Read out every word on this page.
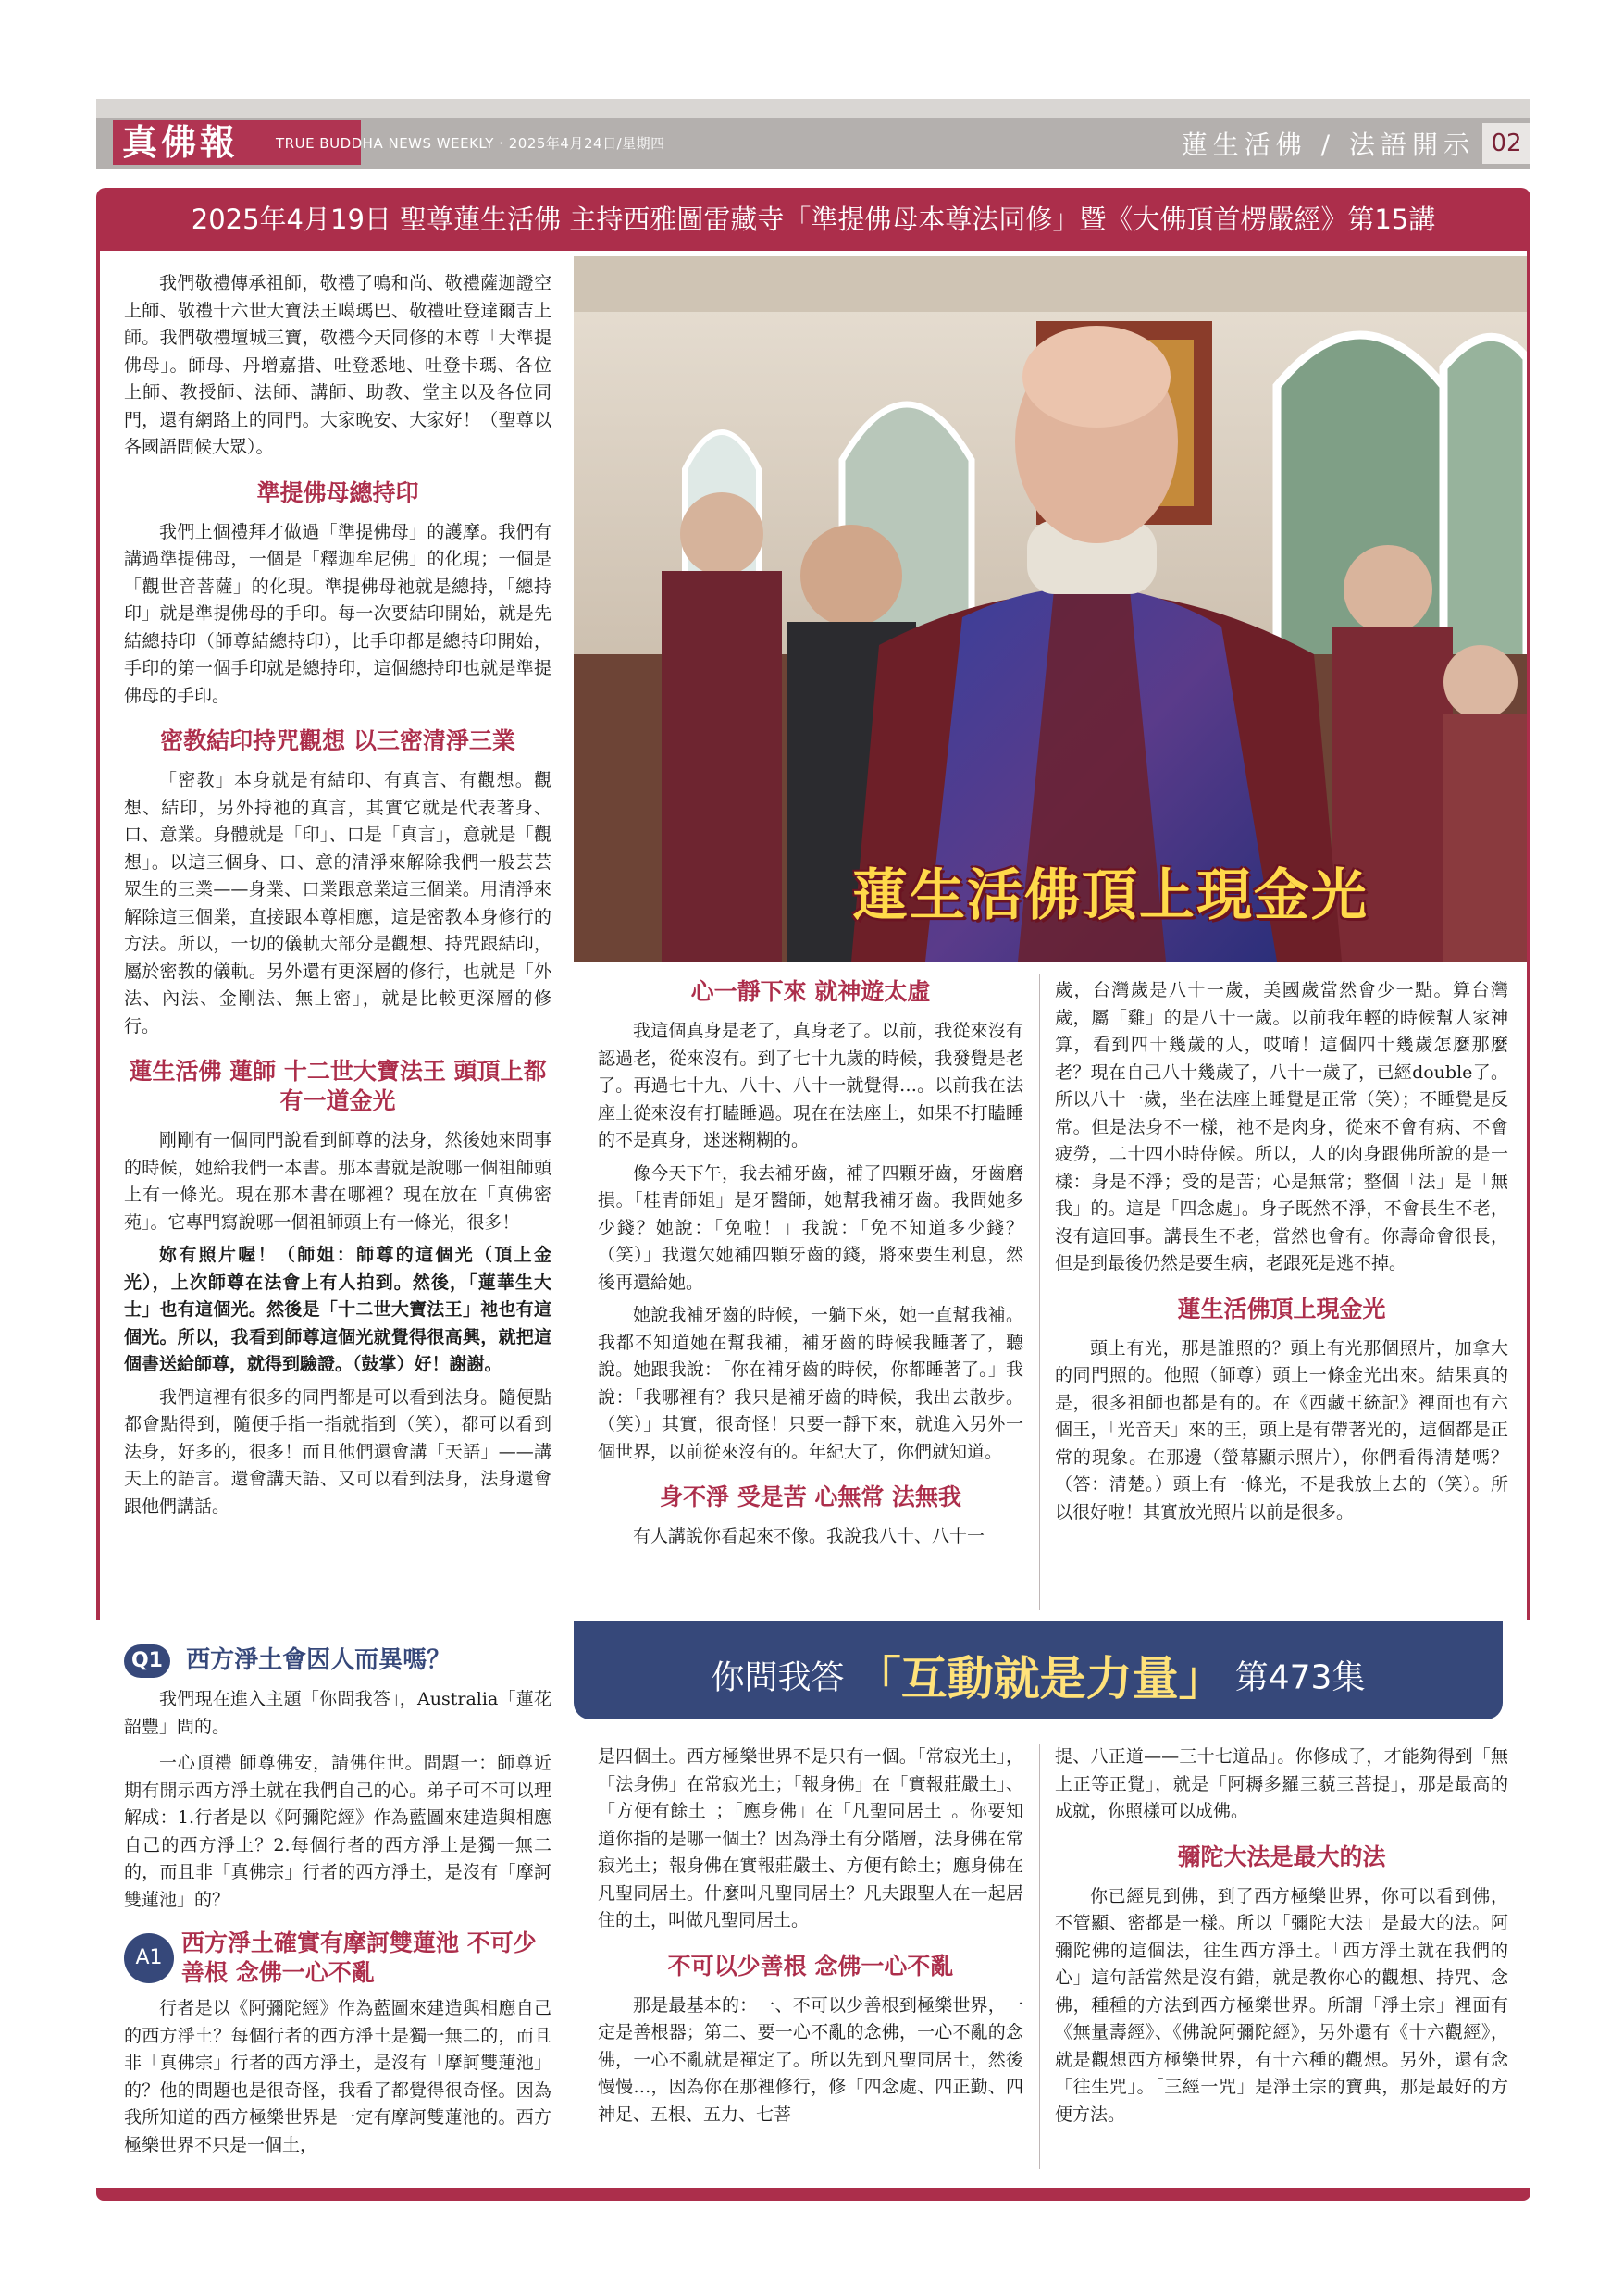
真佛報	TRUE BUDDHA NEWS WEEKLY · 2025年4月24日/星期四	蓮生活佛 / 法語開示 02
2025年4月19日 聖尊蓮生活佛 主持西雅圖雷藏寺「準提佛母本尊法同修」暨《大佛頂首楞嚴經》第15講

我們敬禮傳承祖師，敬禮了鳴和尚、敬禮薩迦證空上師、敬禮十六世大寶法王噶瑪巴、敬禮吐登達爾吉上師。我們敬禮壇城三寶，敬禮今天同修的本尊「大準提佛母」。師母、丹增嘉措、吐登悉地、吐登卡瑪、各位上師、教授師、法師、講師、助教、堂主以及各位同門，還有網路上的同門。大家晚安、大家好！（聖尊以各國語問候大眾）。

準提佛母總持印

我們上個禮拜才做過「準提佛母」的護摩。我們有講過準提佛母，一個是「釋迦牟尼佛」的化現；一個是「觀世音菩薩」的化現。準提佛母祂就是總持，「總持印」就是準提佛母的手印。每一次要結印開始，就是先結總持印（師尊結總持印），比手印都是總持印開始，手印的第一個手印就是總持印，這個總持印也就是準提佛母的手印。

密教結印持咒觀想 以三密清淨三業

「密教」本身就是有結印、有真言、有觀想。觀想、結印，另外持祂的真言，其實它就是代表著身、口、意業。身體就是「印」、口是「真言」，意就是「觀想」。以這三個身、口、意的清淨來解除我們一般芸芸眾生的三業——身業、口業跟意業這三個業。用清淨來解除這三個業，直接跟本尊相應，這是密教本身修行的方法。所以，一切的儀軌大部分是觀想、持咒跟結印，屬於密教的儀軌。另外還有更深層的修行，也就是「外法、內法、金剛法、無上密」，就是比較更深層的修行。

蓮生活佛 蓮師 十二世大寶法王 頭頂上都有一道金光

剛剛有一個同門說看到師尊的法身，然後她來問事的時候，她給我們一本書。那本書就是說哪一個祖師頭上有一條光。現在那本書在哪裡？現在放在「真佛密苑」。它專門寫說哪一個祖師頭上有一條光，很多！

妳有照片喔！（師姐：師尊的這個光（頂上金光），上次師尊在法會上有人拍到。然後，「蓮華生大士」也有這個光。然後是「十二世大寶法王」祂也有這個光。所以，我看到師尊這個光就覺得很高興，就把這個書送給師尊，就得到驗證。（鼓掌）好！謝謝。

我們這裡有很多的同門都是可以看到法身。隨便點都會點得到，隨便手指一指就指到（笑），都可以看到法身，好多的，很多！而且他們還會講「天語」——講天上的語言。還會講天語、又可以看到法身，法身還會跟他們講話。

蓮生活佛頂上現金光
心一靜下來 就神遊太虛

我這個真身是老了，真身老了。以前，我從來沒有認過老，從來沒有。到了七十九歲的時候，我發覺是老了。再過七十九、八十、八十一就覺得…。以前我在法座上從來沒有打瞌睡過。現在在法座上，如果不打瞌睡的不是真身，迷迷糊糊的。

像今天下午，我去補牙齒，補了四顆牙齒，牙齒磨損。「桂青師姐」是牙醫師，她幫我補牙齒。我問她多少錢？她說：「免啦！」我說：「免不知道多少錢？（笑）」我還欠她補四顆牙齒的錢，將來要生利息，然後再還給她。

她說我補牙齒的時候，一躺下來，她一直幫我補。我都不知道她在幫我補，補牙齒的時候我睡著了，聽說。她跟我說：「你在補牙齒的時候，你都睡著了。」我說：「我哪裡有？我只是補牙齒的時候，我出去散步。（笑）」其實，很奇怪！只要一靜下來，就進入另外一個世界，以前從來沒有的。年紀大了，你們就知道。

身不淨 受是苦 心無常 法無我

有人講說你看起來不像。我說我八十、八十一

歲，台灣歲是八十一歲，美國歲當然會少一點。算台灣歲，屬「雞」的是八十一歲。以前我年輕的時候幫人家神算，看到四十幾歲的人，哎唷！這個四十幾歲怎麼那麼老？現在自己八十幾歲了，八十一歲了，已經double了。所以八十一歲，坐在法座上睡覺是正常（笑）；不睡覺是反常。但是法身不一樣，祂不是肉身，從來不會有病、不會疲勞，二十四小時侍候。所以，人的肉身跟佛所說的是一樣：身是不淨；受的是苦；心是無常；整個「法」是「無我」的。這是「四念處」。身子既然不淨，不會長生不老，沒有這回事。講長生不老，當然也會有。你壽命會很長，但是到最後仍然是要生病，老跟死是逃不掉。

蓮生活佛頂上現金光

頭上有光，那是誰照的？頭上有光那個照片，加拿大的同門照的。他照（師尊）頭上一條金光出來。結果真的是，很多祖師也都是有的。在《西藏王統記》裡面也有六個王，「光音天」來的王，頭上是有帶著光的，這個都是正常的現象。在那邊（螢幕顯示照片），你們看得清楚嗎？（答：清楚。）頭上有一條光，不是我放上去的（笑）。所以很好啦！其實放光照片以前是很多。

你問我答 「互動就是力量」 第473集
Q1 西方淨土會因人而異嗎？

我們現在進入主題「你問我答」，Australia「蓮花韶豐」問的。

一心頂禮 師尊佛安，請佛住世。問題一：師尊近期有開示西方淨土就在我們自己的心。弟子可不可以理解成：1.行者是以《阿彌陀經》作為藍圖來建造與相應自己的西方淨土？2.每個行者的西方淨土是獨一無二的，而且非「真佛宗」行者的西方淨土，是沒有「摩訶雙蓮池」的？

A1
西方淨土確實有摩訶雙蓮池 不可少善根 念佛一心不亂

行者是以《阿彌陀經》作為藍圖來建造與相應自己的西方淨土？每個行者的西方淨土是獨一無二的，而且非「真佛宗」行者的西方淨土，是沒有「摩訶雙蓮池」的？他的問題也是很奇怪，我看了都覺得很奇怪。因為我所知道的西方極樂世界是一定有摩訶雙蓮池的。西方極樂世界不只是一個土，

是四個土。西方極樂世界不是只有一個。「常寂光土」，「法身佛」在常寂光土；「報身佛」在「實報莊嚴土」、「方便有餘土」；「應身佛」在「凡聖同居土」。你要知道你指的是哪一個土？因為淨土有分階層，法身佛在常寂光土；報身佛在實報莊嚴土、方便有餘土；應身佛在凡聖同居土。什麼叫凡聖同居土？凡夫跟聖人在一起居住的土，叫做凡聖同居土。

不可以少善根 念佛一心不亂

那是最基本的：一、不可以少善根到極樂世界，一定是善根器；第二、要一心不亂的念佛，一心不亂的念佛，一心不亂就是禪定了。所以先到凡聖同居土，然後慢慢…，因為你在那裡修行，修「四念處、四正勤、四神足、五根、五力、七菩

提、八正道——三十七道品」。你修成了，才能夠得到「無上正等正覺」，就是「阿耨多羅三藐三菩提」，那是最高的成就，你照樣可以成佛。

彌陀大法是最大的法

你已經見到佛，到了西方極樂世界，你可以看到佛，不管顯、密都是一樣。所以「彌陀大法」是最大的法。阿彌陀佛的這個法，往生西方淨土。「西方淨土就在我們的心」這句話當然是沒有錯，就是教你心的觀想、持咒、念佛，種種的方法到西方極樂世界。所謂「淨土宗」裡面有《無量壽經》、《佛說阿彌陀經》，另外還有《十六觀經》，就是觀想西方極樂世界，有十六種的觀想。另外，還有念「往生咒」。「三經一咒」是淨土宗的寶典，那是最好的方便方法。
